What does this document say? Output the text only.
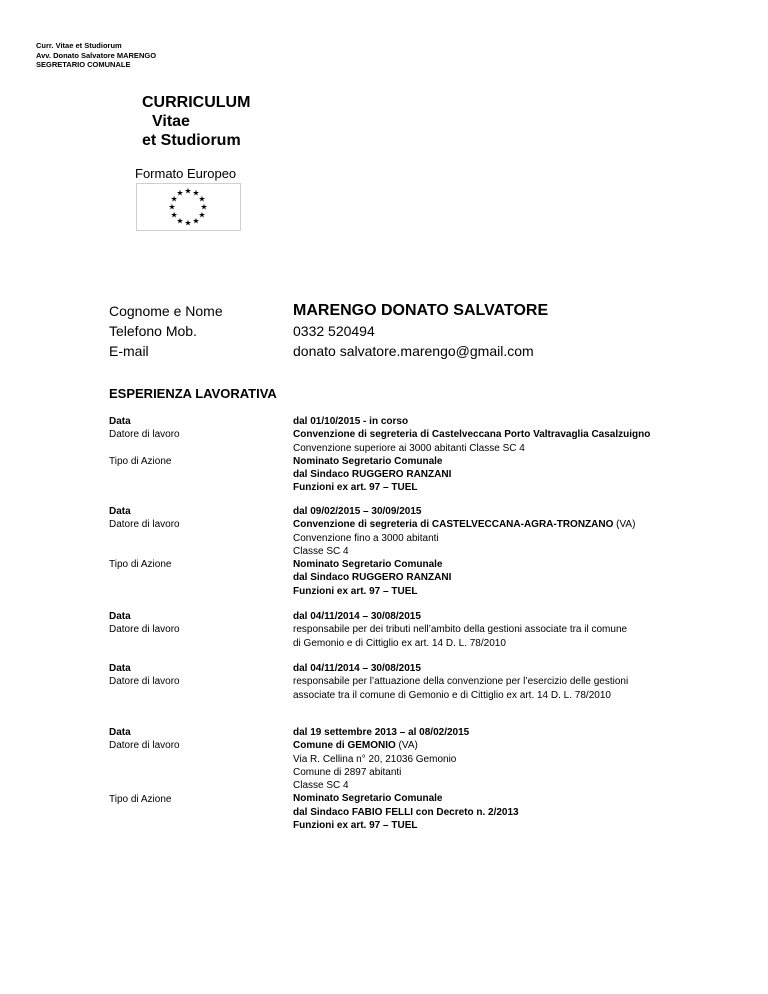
Curr. Vitae et Studiorum
Avv. Donato Salvatore MARENGO
SEGRETARIO COMUNALE
CURRICULUM
Vitae
et Studiorum
Formato Europeo
★ ★
★
★
★
★
★
★
★
★
★
★
Cognome e Nome
Telefono Mob.
E-mail
MARENGO DONATO SALVATORE
0332 520494
donato salvatore.marengo@gmail.com
ESPERIENZA LAVORATIVA
Data
Datore di lavoro
Tipo di Azione
dal 01/10/2015 - in corso
Convenzione di segreteria di Castelveccana Porto Valtravaglia Casalzuigno
Convenzione superiore ai 3000 abitanti Classe SC 4
Nominato Segretario Comunale
dal Sindaco RUGGERO RANZANI
Funzioni ex art. 97 – TUEL
Data
Datore di lavoro
Tipo di Azione
dal 09/02/2015 – 30/09/2015
Convenzione di segreteria di CASTELVECCANA-AGRA-TRONZANO (VA)
Convenzione fino a 3000 abitanti
Classe SC 4
Nominato Segretario Comunale
dal Sindaco RUGGERO RANZANI
Funzioni ex art. 97 – TUEL
Data
Datore di lavoro
dal 04/11/2014 – 30/08/2015
responsabile per dei tributi nell’ambito della gestioni associate tra il comune
di Gemonio e di Cittiglio ex art. 14 D. L. 78/2010
Data
Datore di lavoro
dal 04/11/2014 – 30/08/2015
responsabile per l’attuazione della convenzione per l’esercizio delle gestioni
associate tra il comune di Gemonio e di Cittiglio ex art. 14 D. L. 78/2010
Data
Datore di lavoro
Tipo di Azione
dal 19 settembre 2013 – al 08/02/2015
Comune di GEMONIO (VA)
Via R. Cellina n° 20, 21036 Gemonio
Comune di 2897 abitanti
Classe SC 4
Nominato Segretario Comunale
dal Sindaco FABIO FELLI con Decreto n. 2/2013
Funzioni ex art. 97 – TUEL
